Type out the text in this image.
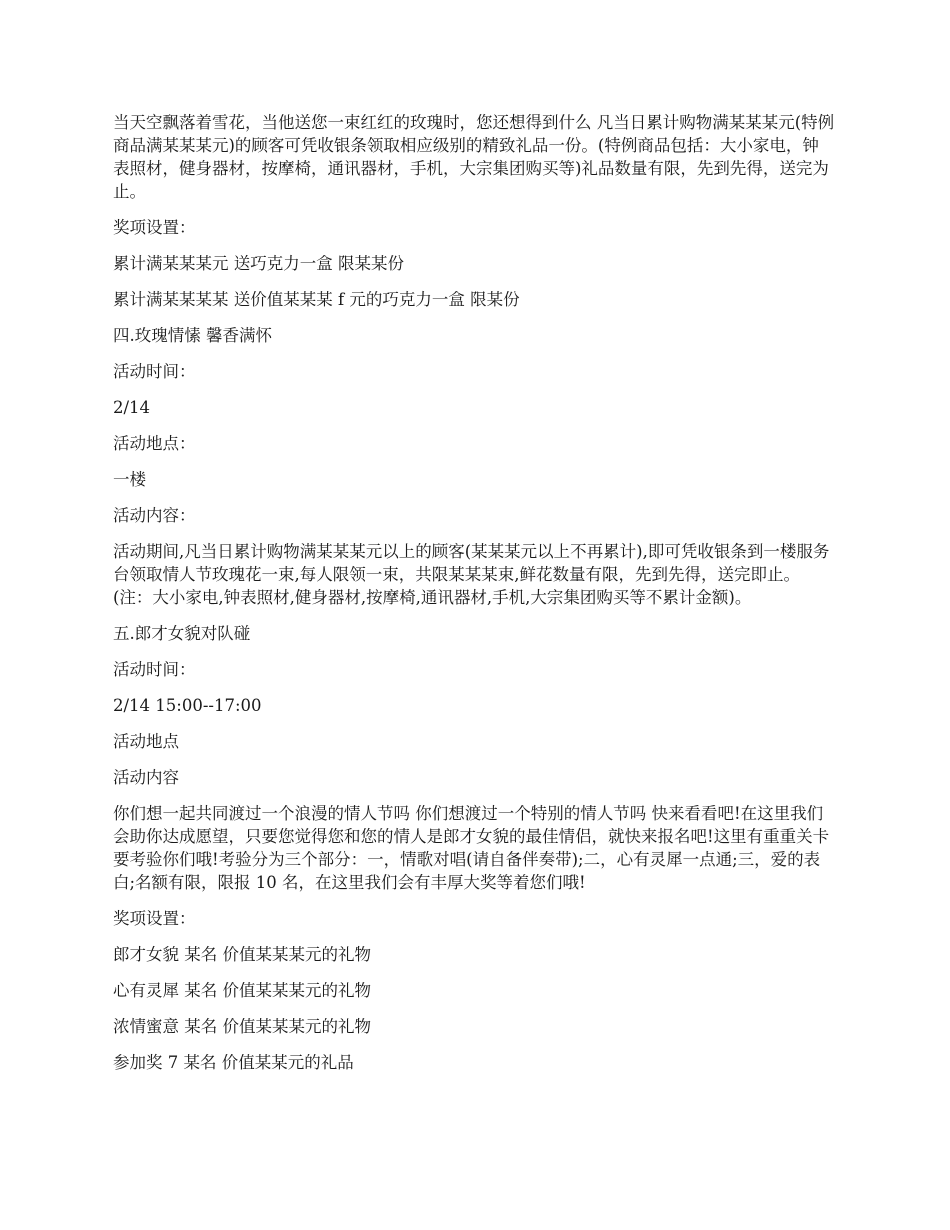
当天空飘落着雪花，当他送您一束红红的玫瑰时，您还想得到什么 凡当日累计购物满某某某元(特例商品满某某某元)的顾客可凭收银条领取相应级别的精致礼品一份。(特例商品包括：大小家电，钟表照材，健身器材，按摩椅，通讯器材，手机，大宗集团购买等)礼品数量有限，先到先得，送完为止。

奖项设置：

累计满某某某元 送巧克力一盒 限某某份

累计满某某某某 送价值某某某 f 元的巧克力一盒 限某份

四.玫瑰情愫 馨香满怀

活动时间：

2/14

活动地点：

一楼

活动内容：

活动期间,凡当日累计购物满某某某元以上的顾客(某某某元以上不再累计),即可凭收银条到一楼服务台领取情人节玫瑰花一束,每人限领一束，共限某某某束,鲜花数量有限，先到先得，送完即止。(注：大小家电,钟表照材,健身器材,按摩椅,通讯器材,手机,大宗集团购买等不累计金额)。

五.郎才女貌对队碰

活动时间：

2/14 15:00--17:00

活动地点

活动内容

你们想一起共同渡过一个浪漫的情人节吗 你们想渡过一个特别的情人节吗 快来看看吧!在这里我们会助你达成愿望，只要您觉得您和您的情人是郎才女貌的最佳情侣，就快来报名吧!这里有重重关卡要考验你们哦!考验分为三个部分：一，情歌对唱(请自备伴奏带);二，心有灵犀一点通;三，爱的表白;名额有限，限报 10 名，在这里我们会有丰厚大奖等着您们哦!

奖项设置：

郎才女貌 某名 价值某某某元的礼物

心有灵犀 某名 价值某某某元的礼物

浓情蜜意 某名 价值某某某元的礼物

参加奖 7 某名 价值某某元的礼品
